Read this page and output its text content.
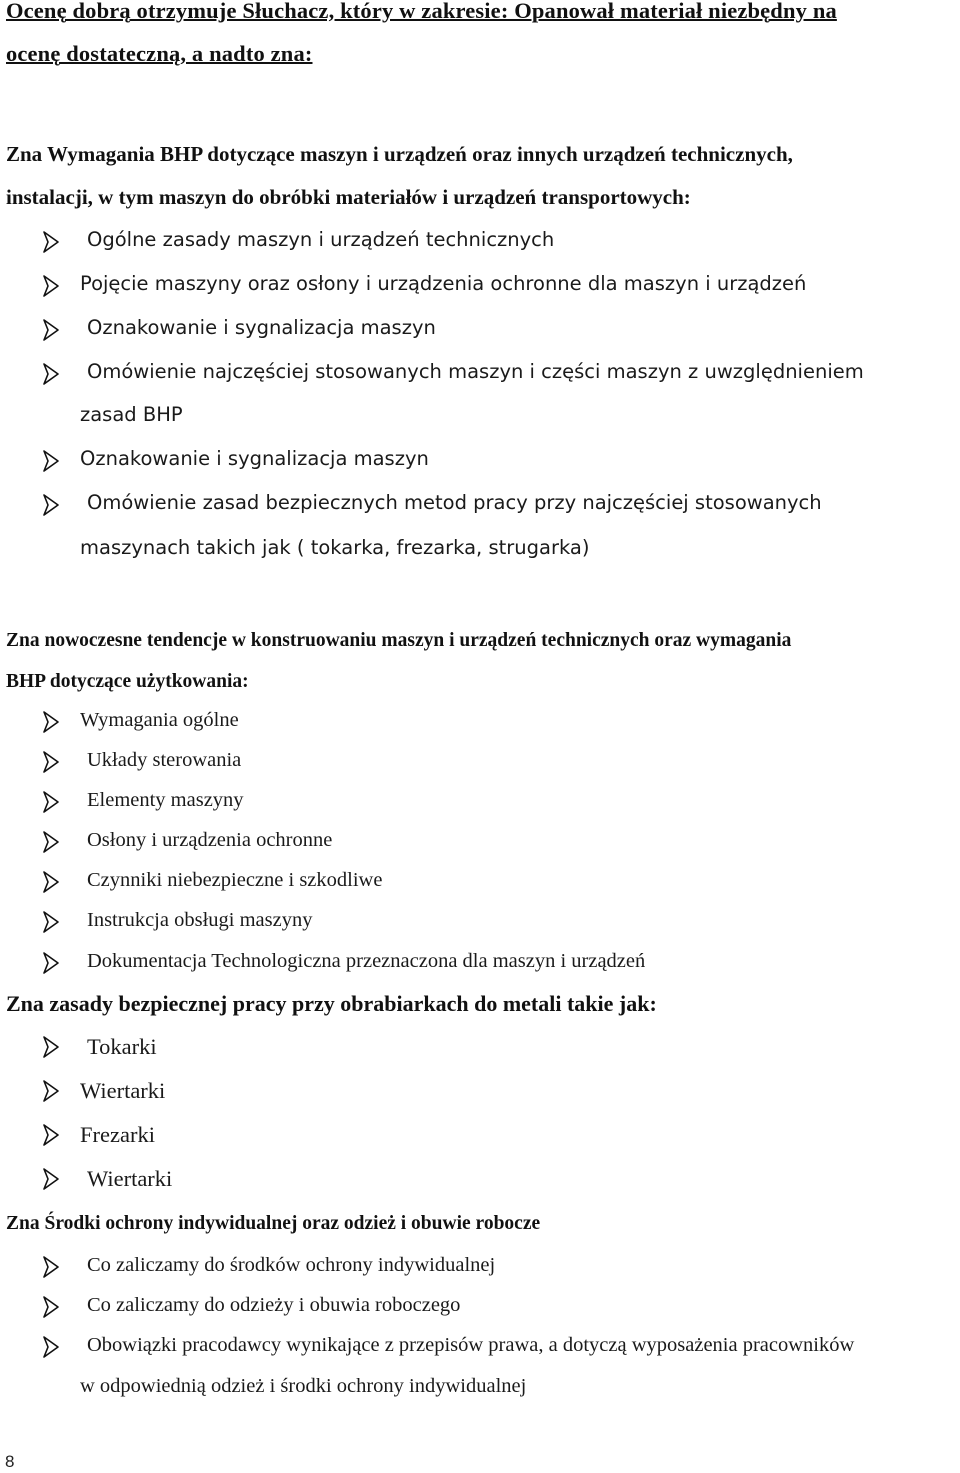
Ocenę dobrą otrzymuje Słuchacz, który w zakresie: Opanował materiał niezbędny na
ocenę dostateczną, a nadto zna:
Zna Wymagania BHP dotyczące maszyn i urządzeń oraz innych urządzeń technicznych,
instalacji, w tym maszyn do obróbki materiałów i urządzeń transportowych:
Ogólne zasady maszyn i urządzeń technicznych
Pojęcie maszyny oraz osłony i urządzenia ochronne dla maszyn i urządzeń
Oznakowanie i sygnalizacja maszyn
Omówienie najczęściej stosowanych maszyn i części maszyn z uwzględnieniem
zasad BHP
Oznakowanie i sygnalizacja maszyn
Omówienie zasad bezpiecznych metod pracy przy najczęściej stosowanych
maszynach takich jak ( tokarka, frezarka, strugarka)
Zna nowoczesne tendencje w konstruowaniu maszyn i urządzeń technicznych oraz wymagania
BHP dotyczące użytkowania:
Wymagania ogólne
Układy sterowania
Elementy maszyny
Osłony i urządzenia ochronne
Czynniki niebezpieczne i szkodliwe
Instrukcja obsługi maszyny
Dokumentacja Technologiczna przeznaczona dla maszyn i urządzeń
Zna zasady bezpiecznej pracy przy obrabiarkach do metali takie jak:
Tokarki
Wiertarki
Frezarki
Wiertarki
Zna Środki ochrony indywidualnej oraz odzież i obuwie robocze
Co zaliczamy do środków ochrony indywidualnej
Co zaliczamy do odzieży i obuwia roboczego
Obowiązki pracodawcy wynikające z przepisów prawa, a dotyczą wyposażenia pracowników
w odpowiednią odzież i środki ochrony indywidualnej
8
